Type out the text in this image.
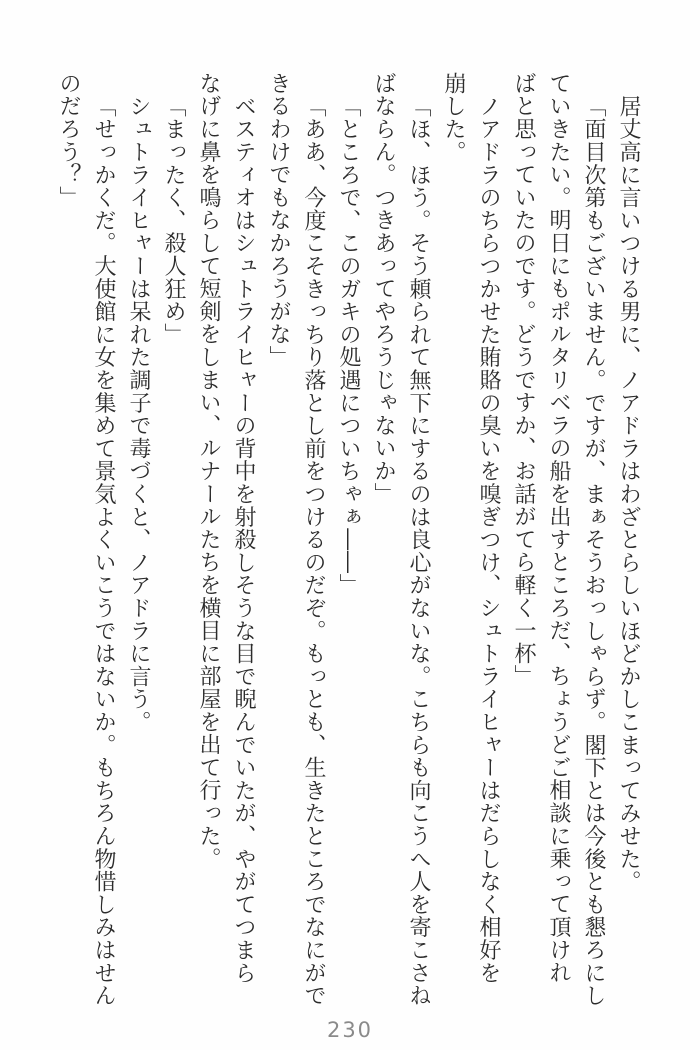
居丈高に言いつける男に、ノアドラはわざとらしいほどかしこまってみせた。

「面目次第もございません。ですが、まぁそうおっしゃらず。閣下とは今後とも懇ろにし

ていきたい。明日にもポルタリベラの船を出すところだ、ちょうどご相談に乗って頂けれ

ばと思っていたのです。どうですか、お話がてら軽く一杯」

ノアドラのちらつかせた賄賂の臭いを嗅ぎつけ、シュトライヒャーはだらしなく相好を

崩した。

「ほ、ほう。そう頼られて無下にするのは良心がないな。こちらも向こうへ人を寄こさね

ばならん。つきあってやろうじゃないか」

「ところで、このガキの処遇についちゃぁ――」

「ああ、今度こそきっちり落とし前をつけるのだぞ。もっとも、生きたところでなにがで

きるわけでもなかろうがな」

ベスティオはシュトライヒャーの背中を射殺しそうな目で睨んでいたが、やがてつまら

なげに鼻を鳴らして短剣をしまい、ルナールたちを横目に部屋を出て行った。

「まったく、殺人狂め」

シュトライヒャーは呆れた調子で毒づくと、ノアドラに言う。

「せっかくだ。大使館に女を集めて景気よくいこうではないか。もちろん物惜しみはせん

のだろう？」

230
